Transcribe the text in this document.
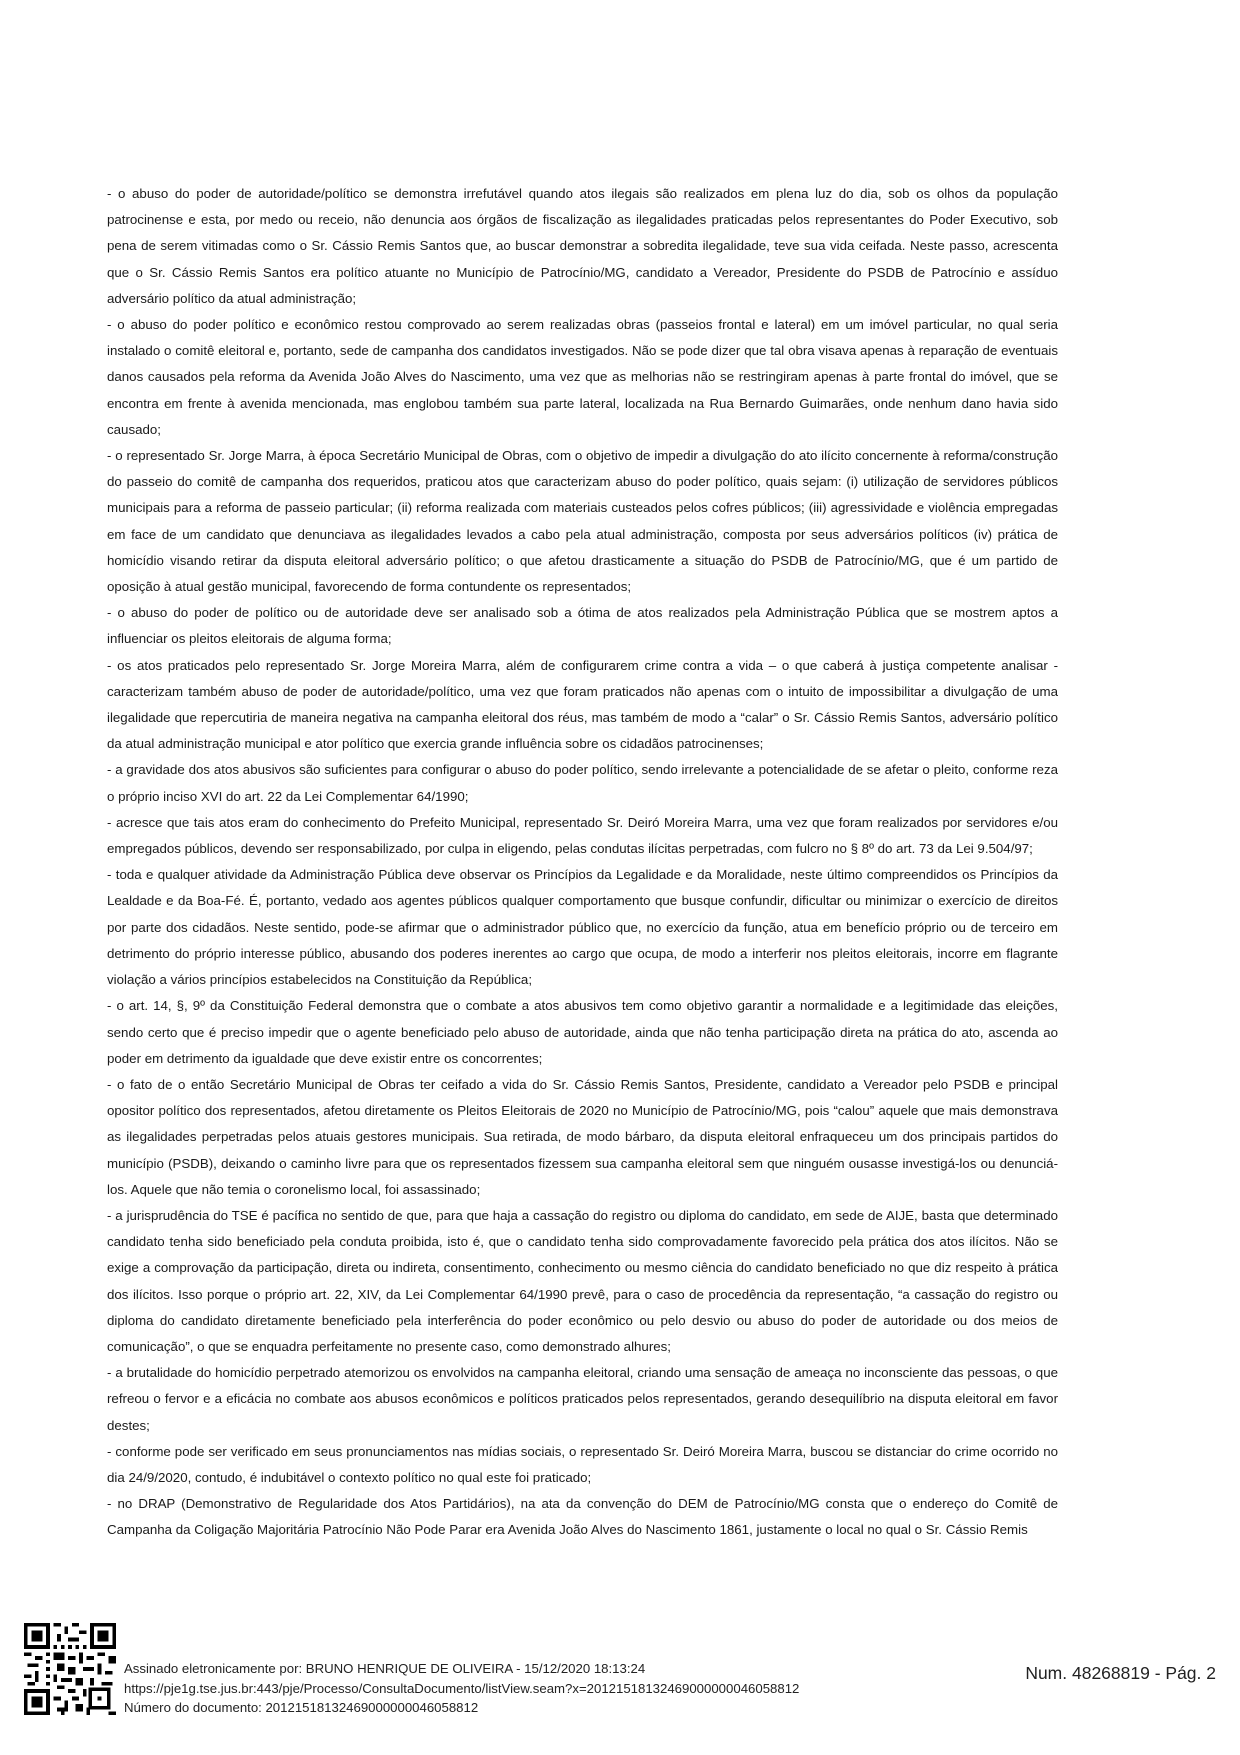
- o abuso do poder de autoridade/político se demonstra irrefutável quando atos ilegais são realizados em plena luz do dia, sob os olhos da população patrocinense e esta, por medo ou receio, não denuncia aos órgãos de fiscalização as ilegalidades praticadas pelos representantes do Poder Executivo, sob pena de serem vitimadas como o Sr. Cássio Remis Santos que, ao buscar demonstrar a sobredita ilegalidade, teve sua vida ceifada. Neste passo, acrescenta que o Sr. Cássio Remis Santos era político atuante no Município de Patrocínio/MG, candidato a Vereador, Presidente do PSDB de Patrocínio e assíduo adversário político da atual administração;

- o abuso do poder político e econômico restou comprovado ao serem realizadas obras (passeios frontal e lateral) em um imóvel particular, no qual seria instalado o comitê eleitoral e, portanto, sede de campanha dos candidatos investigados. Não se pode dizer que tal obra visava apenas à reparação de eventuais danos causados pela reforma da Avenida João Alves do Nascimento, uma vez que as melhorias não se restringiram apenas à parte frontal do imóvel, que se encontra em frente à avenida mencionada, mas englobou também sua parte lateral, localizada na Rua Bernardo Guimarães, onde nenhum dano havia sido causado;

- o representado Sr. Jorge Marra, à época Secretário Municipal de Obras, com o objetivo de impedir a divulgação do ato ilícito concernente à reforma/construção do passeio do comitê de campanha dos requeridos, praticou atos que caracterizam abuso do poder político, quais sejam: (i) utilização de servidores públicos municipais para a reforma de passeio particular; (ii) reforma realizada com materiais custeados pelos cofres públicos; (iii) agressividade e violência empregadas em face de um candidato que denunciava as ilegalidades levados a cabo pela atual administração, composta por seus adversários políticos (iv) prática de homicídio visando retirar da disputa eleitoral adversário político; o que afetou drasticamente a situação do PSDB de Patrocínio/MG, que é um partido de oposição à atual gestão municipal, favorecendo de forma contundente os representados;

- o abuso do poder de político ou de autoridade deve ser analisado sob a ótima de atos realizados pela Administração Pública que se mostrem aptos a influenciar os pleitos eleitorais de alguma forma;

- os atos praticados pelo representado Sr. Jorge Moreira Marra, além de configurarem crime contra a vida – o que caberá à justiça competente analisar - caracterizam também abuso de poder de autoridade/político, uma vez que foram praticados não apenas com o intuito de impossibilitar a divulgação de uma ilegalidade que repercutiria de maneira negativa na campanha eleitoral dos réus, mas também de modo a “calar” o Sr. Cássio Remis Santos, adversário político da atual administração municipal e ator político que exercia grande influência sobre os cidadãos patrocinenses;

- a gravidade dos atos abusivos são suficientes para configurar o abuso do poder político, sendo irrelevante a potencialidade de se afetar o pleito, conforme reza o próprio inciso XVI do art. 22 da Lei Complementar 64/1990;

- acresce que tais atos eram do conhecimento do Prefeito Municipal, representado Sr. Deiró Moreira Marra, uma vez que foram realizados por servidores e/ou empregados públicos, devendo ser responsabilizado, por culpa in eligendo, pelas condutas ilícitas perpetradas, com fulcro no § 8º do art. 73 da Lei 9.504/97;

- toda e qualquer atividade da Administração Pública deve observar os Princípios da Legalidade e da Moralidade, neste último compreendidos os Princípios da Lealdade e da Boa-Fé. É, portanto, vedado aos agentes públicos qualquer comportamento que busque confundir, dificultar ou minimizar o exercício de direitos por parte dos cidadãos. Neste sentido, pode-se afirmar que o administrador público que, no exercício da função, atua em benefício próprio ou de terceiro em detrimento do próprio interesse público, abusando dos poderes inerentes ao cargo que ocupa, de modo a interferir nos pleitos eleitorais, incorre em flagrante violação a vários princípios estabelecidos na Constituição da República;

- o art. 14, §, 9º da Constituição Federal demonstra que o combate a atos abusivos tem como objetivo garantir a normalidade e a legitimidade das eleições, sendo certo que é preciso impedir que o agente beneficiado pelo abuso de autoridade, ainda que não tenha participação direta na prática do ato, ascenda ao poder em detrimento da igualdade que deve existir entre os concorrentes;

- o fato de o então Secretário Municipal de Obras ter ceifado a vida do Sr. Cássio Remis Santos, Presidente, candidato a Vereador pelo PSDB e principal opositor político dos representados, afetou diretamente os Pleitos Eleitorais de 2020 no Município de Patrocínio/MG, pois “calou” aquele que mais demonstrava as ilegalidades perpetradas pelos atuais gestores municipais. Sua retirada, de modo bárbaro, da disputa eleitoral enfraqueceu um dos principais partidos do município (PSDB), deixando o caminho livre para que os representados fizessem sua campanha eleitoral sem que ninguém ousasse investigá-los ou denunciá-los. Aquele que não temia o coronelismo local, foi assassinado;

- a jurisprudência do TSE é pacífica no sentido de que, para que haja a cassação do registro ou diploma do candidato, em sede de AIJE, basta que determinado candidato tenha sido beneficiado pela conduta proibida, isto é, que o candidato tenha sido comprovadamente favorecido pela prática dos atos ilícitos. Não se exige a comprovação da participação, direta ou indireta, consentimento, conhecimento ou mesmo ciência do candidato beneficiado no que diz respeito à prática dos ilícitos. Isso porque o próprio art. 22, XIV, da Lei Complementar 64/1990 prevê, para o caso de procedência da representação, “a cassação do registro ou diploma do candidato diretamente beneficiado pela interferência do poder econômico ou pelo desvio ou abuso do poder de autoridade ou dos meios de comunicação”, o que se enquadra perfeitamente no presente caso, como demonstrado alhures;

- a brutalidade do homicídio perpetrado atemorizou os envolvidos na campanha eleitoral, criando uma sensação de ameaça no inconsciente das pessoas, o que refreou o fervor e a eficácia no combate aos abusos econômicos e políticos praticados pelos representados, gerando desequilíbrio na disputa eleitoral em favor destes;

- conforme pode ser verificado em seus pronunciamentos nas mídias sociais, o representado Sr. Deiró Moreira Marra, buscou se distanciar do crime ocorrido no dia 24/9/2020, contudo, é indubitável o contexto político no qual este foi praticado;

- no DRAP (Demonstrativo de Regularidade dos Atos Partidários), na ata da convenção do DEM de Patrocínio/MG consta que o endereço do Comitê de Campanha da Coligação Majoritária Patrocínio Não Pode Parar era Avenida João Alves do Nascimento 1861, justamente o local no qual o Sr. Cássio Remis

Assinado eletronicamente por: BRUNO HENRIQUE DE OLIVEIRA - 15/12/2020 18:13:24
https://pje1g.tse.jus.br:443/pje/Processo/ConsultaDocumento/listView.seam?x=20121518132469000000046058812
Número do documento: 20121518132469000000046058812
Num. 48268819 - Pág. 2
